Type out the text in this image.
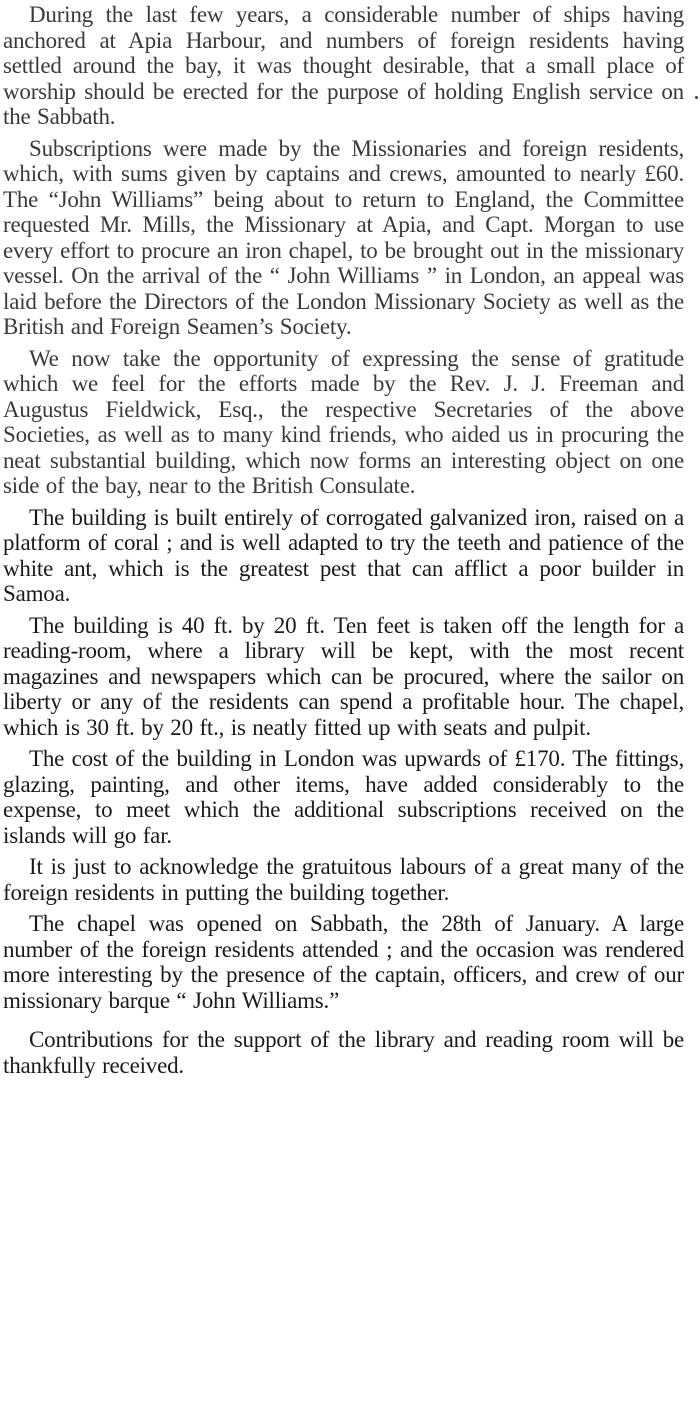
During the last few years, a considerable number of ships having anchored at Apia Harbour, and numbers of foreign residents having settled around the bay, it was thought desirable, that a small place of worship should be erected for the purpose of holding English service on the Sabbath.

Subscriptions were made by the Missionaries and foreign residents, which, with sums given by captains and crews, amounted to nearly £60. The “John Williams” being about to return to England, the Committee requested Mr. Mills, the Missionary at Apia, and Capt. Morgan to use every effort to procure an iron chapel, to be brought out in the missionary vessel. On the arrival of the “ John Williams ” in London, an appeal was laid before the Directors of the London Missionary Society as well as the British and Foreign Seamen’s Society.

We now take the opportunity of expressing the sense of gratitude which we feel for the efforts made by the Rev. J. J. Freeman and Augustus Fieldwick, Esq., the respective Secretaries of the above Societies, as well as to many kind friends, who aided us in procuring the neat substantial building, which now forms an interesting object on one side of the bay, near to the British Consulate.

The building is built entirely of corrogated galvanized iron, raised on a platform of coral ; and is well adapted to try the teeth and patience of the white ant, which is the greatest pest that can afflict a poor builder in Samoa.

The building is 40 ft. by 20 ft. Ten feet is taken off the length for a reading-room, where a library will be kept, with the most recent magazines and newspapers which can be procured, where the sailor on liberty or any of the residents can spend a profitable hour. The chapel, which is 30 ft. by 20 ft., is neatly fitted up with seats and pulpit.

The cost of the building in London was upwards of £170. The fittings, glazing, painting, and other items, have added considerably to the expense, to meet which the additional subscriptions received on the islands will go far.

It is just to acknowledge the gratuitous labours of a great many of the foreign residents in putting the building together.

The chapel was opened on Sabbath, the 28th of January. A large number of the foreign residents attended ; and the occasion was rendered more interesting by the presence of the captain, officers, and crew of our missionary barque “ John Williams.”

Contributions for the support of the library and reading room will be thankfully received.
